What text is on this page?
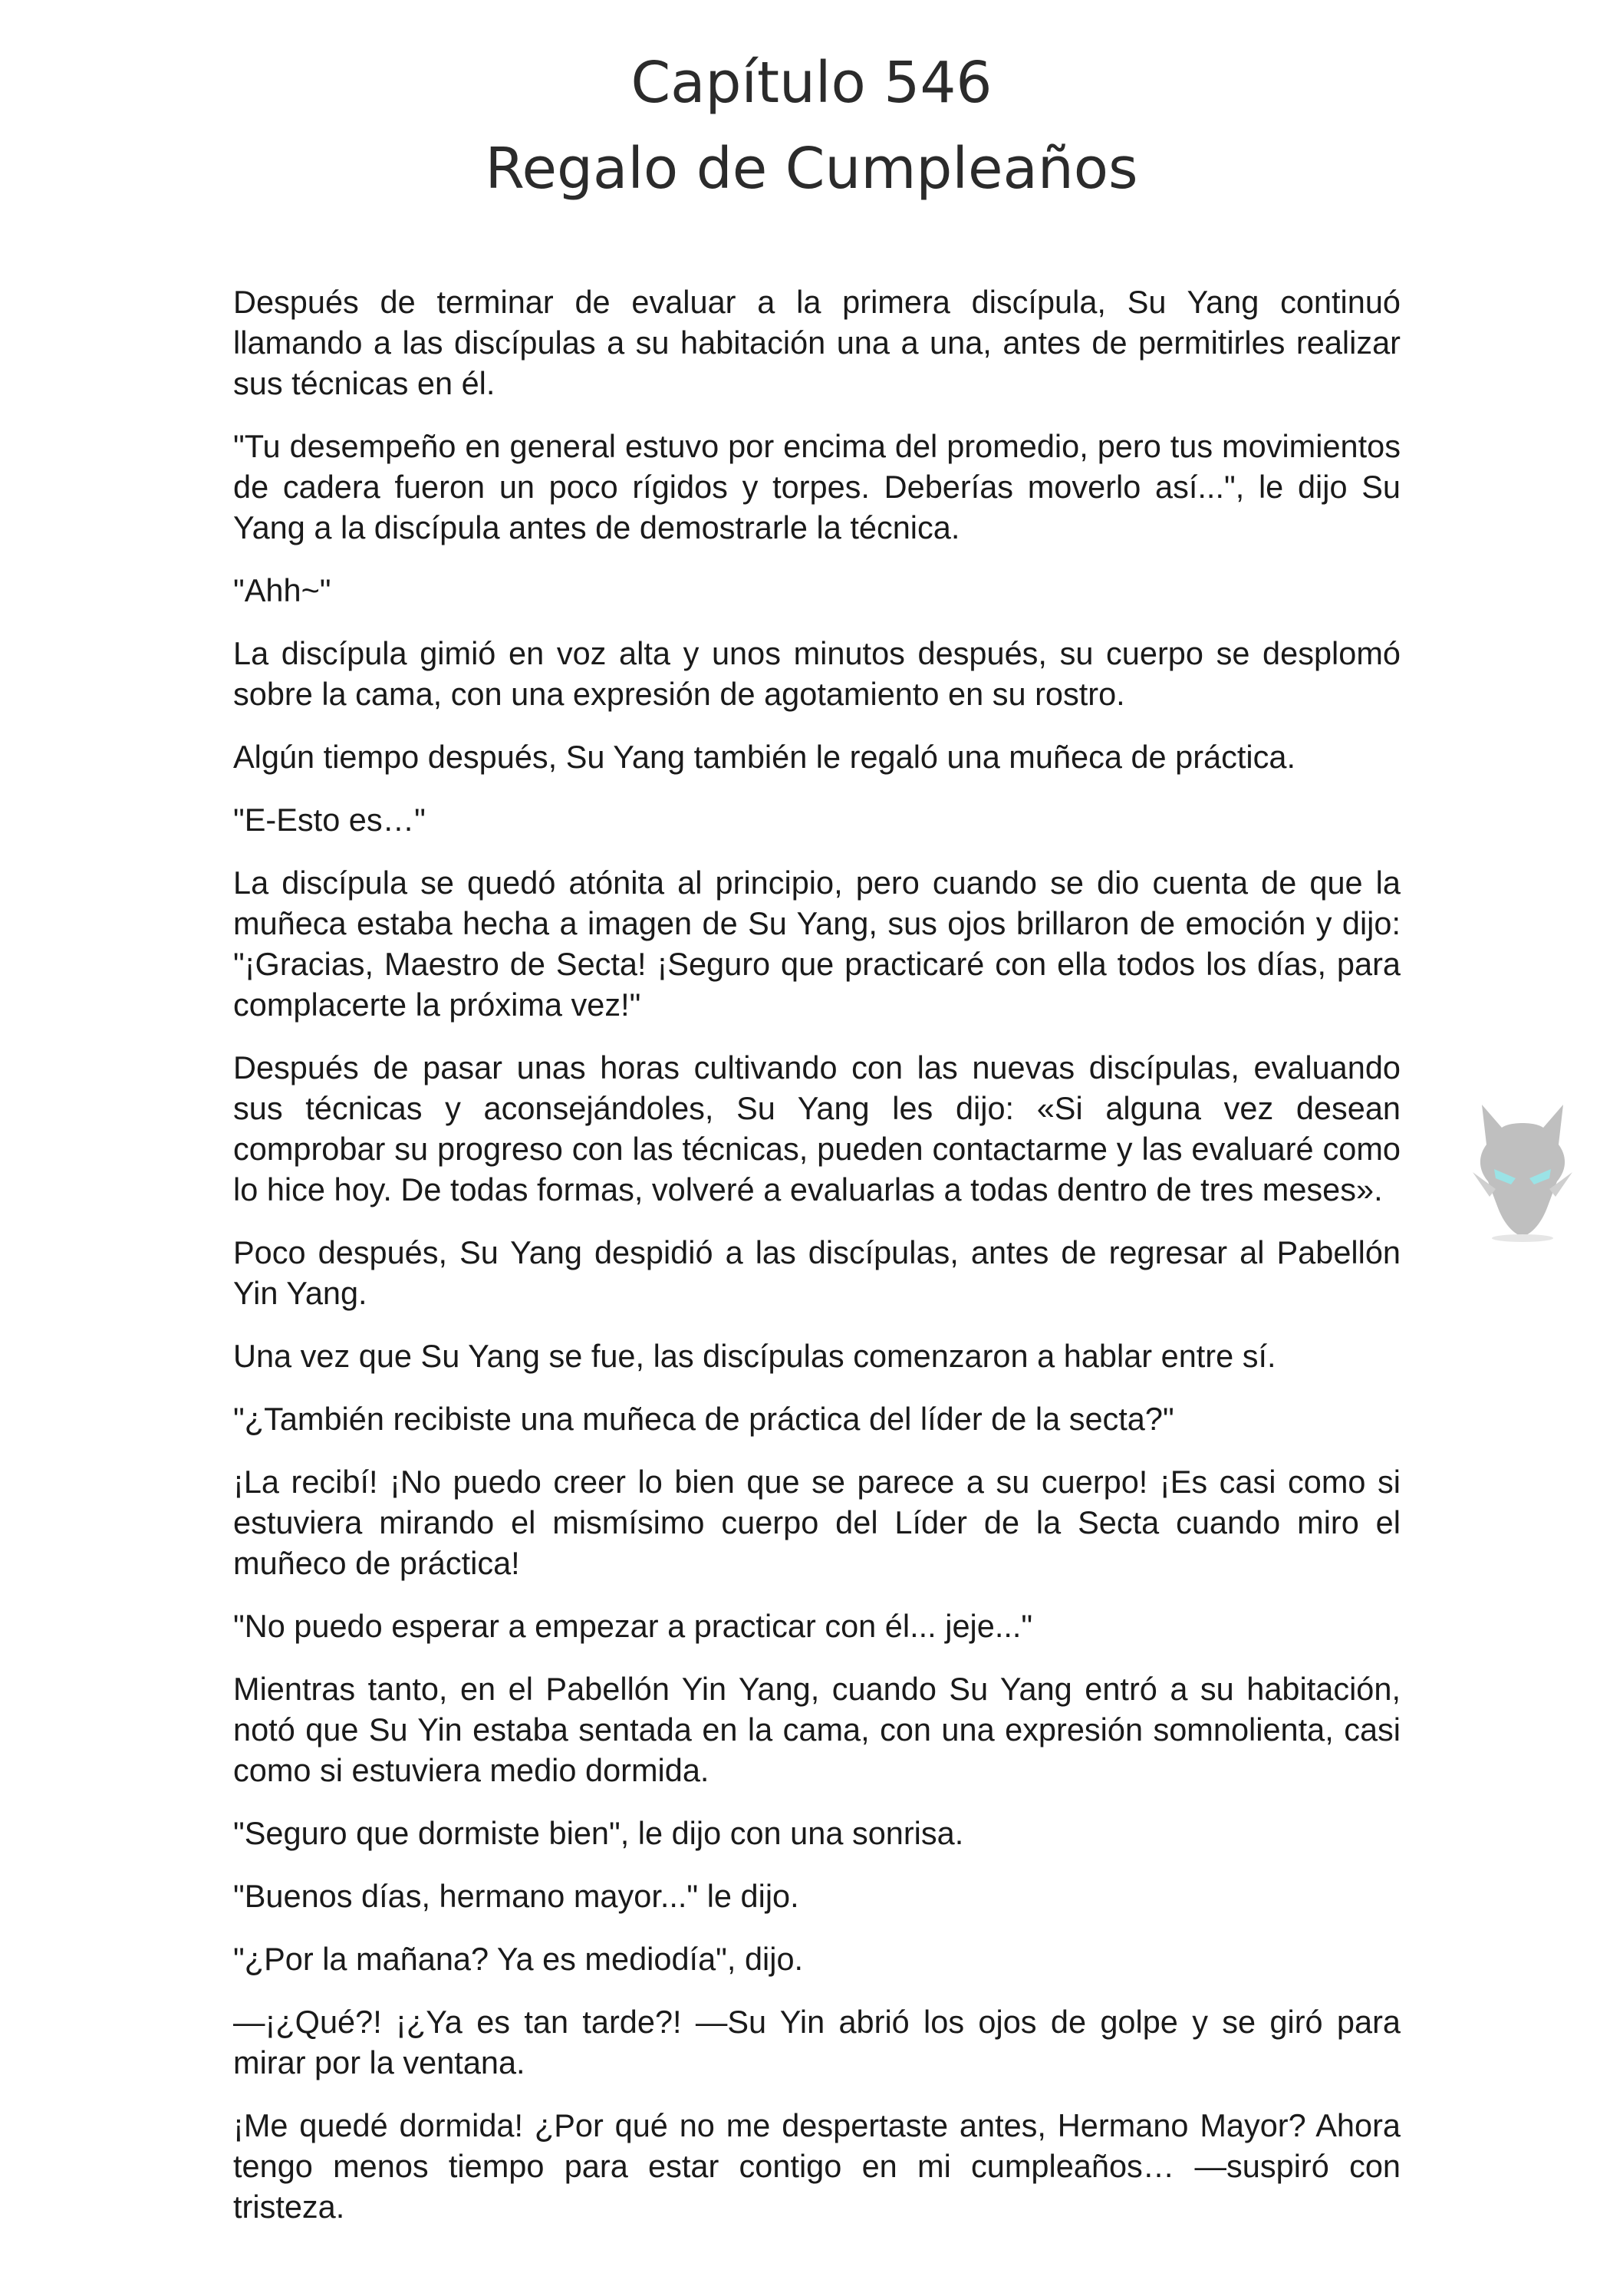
Capítulo 546
Regalo de Cumpleaños

Después de terminar de evaluar a la primera discípula, Su Yang continuó llamando a las discípulas a su habitación una a una, antes de permitirles realizar sus técnicas en él.

"Tu desempeño en general estuvo por encima del promedio, pero tus movimientos de cadera fueron un poco rígidos y torpes. Deberías moverlo así...", le dijo Su Yang a la discípula antes de demostrarle la técnica.

"Ahh~"

La discípula gimió en voz alta y unos minutos después, su cuerpo se desplomó sobre la cama, con una expresión de agotamiento en su rostro.

Algún tiempo después, Su Yang también le regaló una muñeca de práctica.

"E-Esto es…"

La discípula se quedó atónita al principio, pero cuando se dio cuenta de que la muñeca estaba hecha a imagen de Su Yang, sus ojos brillaron de emoción y dijo: "¡Gracias, Maestro de Secta! ¡Seguro que practicaré con ella todos los días, para complacerte la próxima vez!"

Después de pasar unas horas cultivando con las nuevas discípulas, evaluando sus técnicas y aconsejándoles, Su Yang les dijo: «Si alguna vez desean comprobar su progreso con las técnicas, pueden contactarme y las evaluaré como lo hice hoy. De todas formas, volveré a evaluarlas a todas dentro de tres meses».

Poco después, Su Yang despidió a las discípulas, antes de regresar al Pabellón Yin Yang.

Una vez que Su Yang se fue, las discípulas comenzaron a hablar entre sí.

"¿También recibiste una muñeca de práctica del líder de la secta?"

¡La recibí! ¡No puedo creer lo bien que se parece a su cuerpo! ¡Es casi como si estuviera mirando el mismísimo cuerpo del Líder de la Secta cuando miro el muñeco de práctica!

"No puedo esperar a empezar a practicar con él... jeje..."

Mientras tanto, en el Pabellón Yin Yang, cuando Su Yang entró a su habitación, notó que Su Yin estaba sentada en la cama, con una expresión somnolienta, casi como si estuviera medio dormida.

"Seguro que dormiste bien", le dijo con una sonrisa.

"Buenos días, hermano mayor..." le dijo.

"¿Por la mañana? Ya es mediodía", dijo.

—¡¿Qué?! ¡¿Ya es tan tarde?! —Su Yin abrió los ojos de golpe y se giró para mirar por la ventana.

¡Me quedé dormida! ¿Por qué no me despertaste antes, Hermano Mayor? Ahora tengo menos tiempo para estar contigo en mi cumpleaños… —suspiró con tristeza.
